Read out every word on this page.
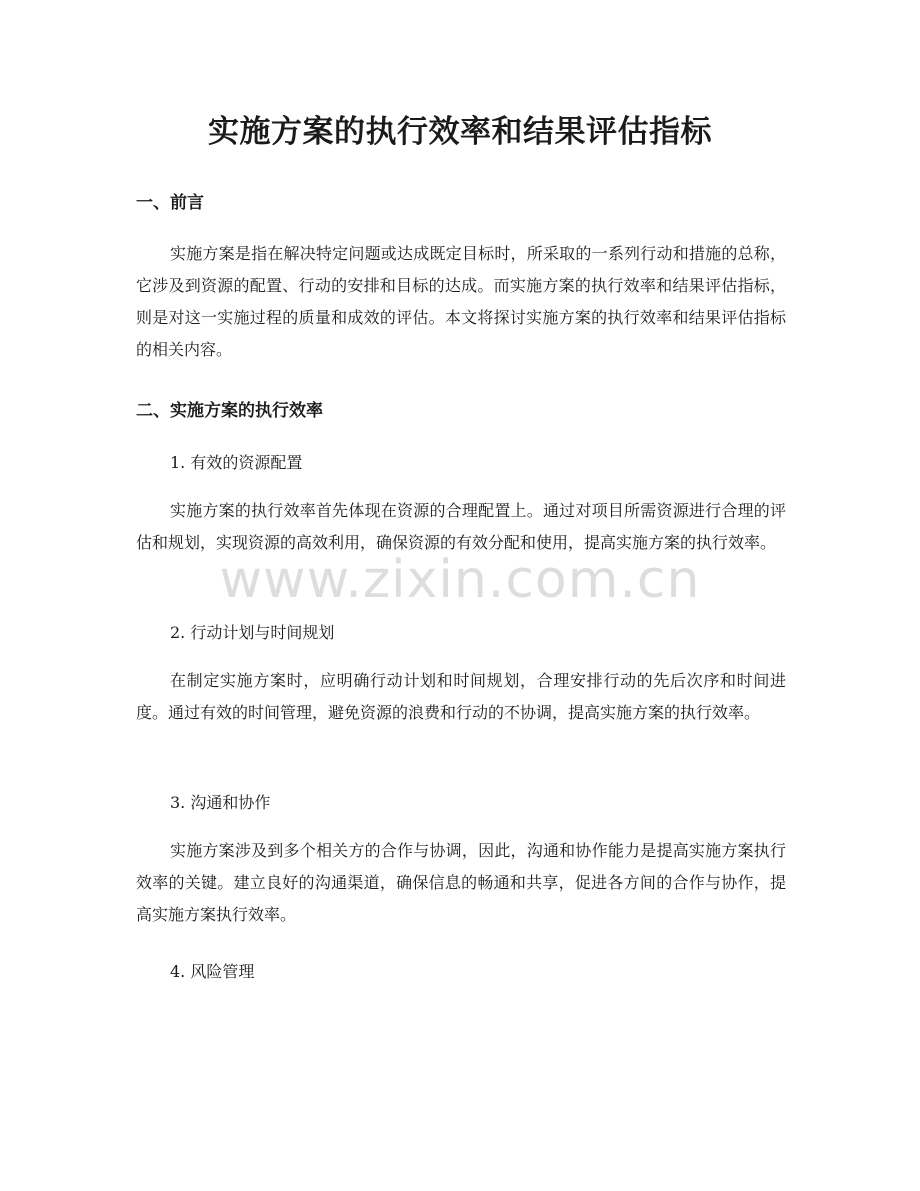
实施方案的执行效率和结果评估指标
一、前言

实施方案是指在解决特定问题或达成既定目标时，所采取的一系列行动和措施的总称，它涉及到资源的配置、行动的安排和目标的达成。而实施方案的执行效率和结果评估指标，则是对这一实施过程的质量和成效的评估。本文将探讨实施方案的执行效率和结果评估指标的相关内容。

二、实施方案的执行效率

1. 有效的资源配置

实施方案的执行效率首先体现在资源的合理配置上。通过对项目所需资源进行合理的评估和规划，实现资源的高效利用，确保资源的有效分配和使用，提高实施方案的执行效率。

2. 行动计划与时间规划

在制定实施方案时，应明确行动计划和时间规划，合理安排行动的先后次序和时间进度。通过有效的时间管理，避免资源的浪费和行动的不协调，提高实施方案的执行效率。

3. 沟通和协作

实施方案涉及到多个相关方的合作与协调，因此，沟通和协作能力是提高实施方案执行效率的关键。建立良好的沟通渠道，确保信息的畅通和共享，促进各方间的合作与协作，提高实施方案执行效率。

4. 风险管理

www.zixin.com.cn
